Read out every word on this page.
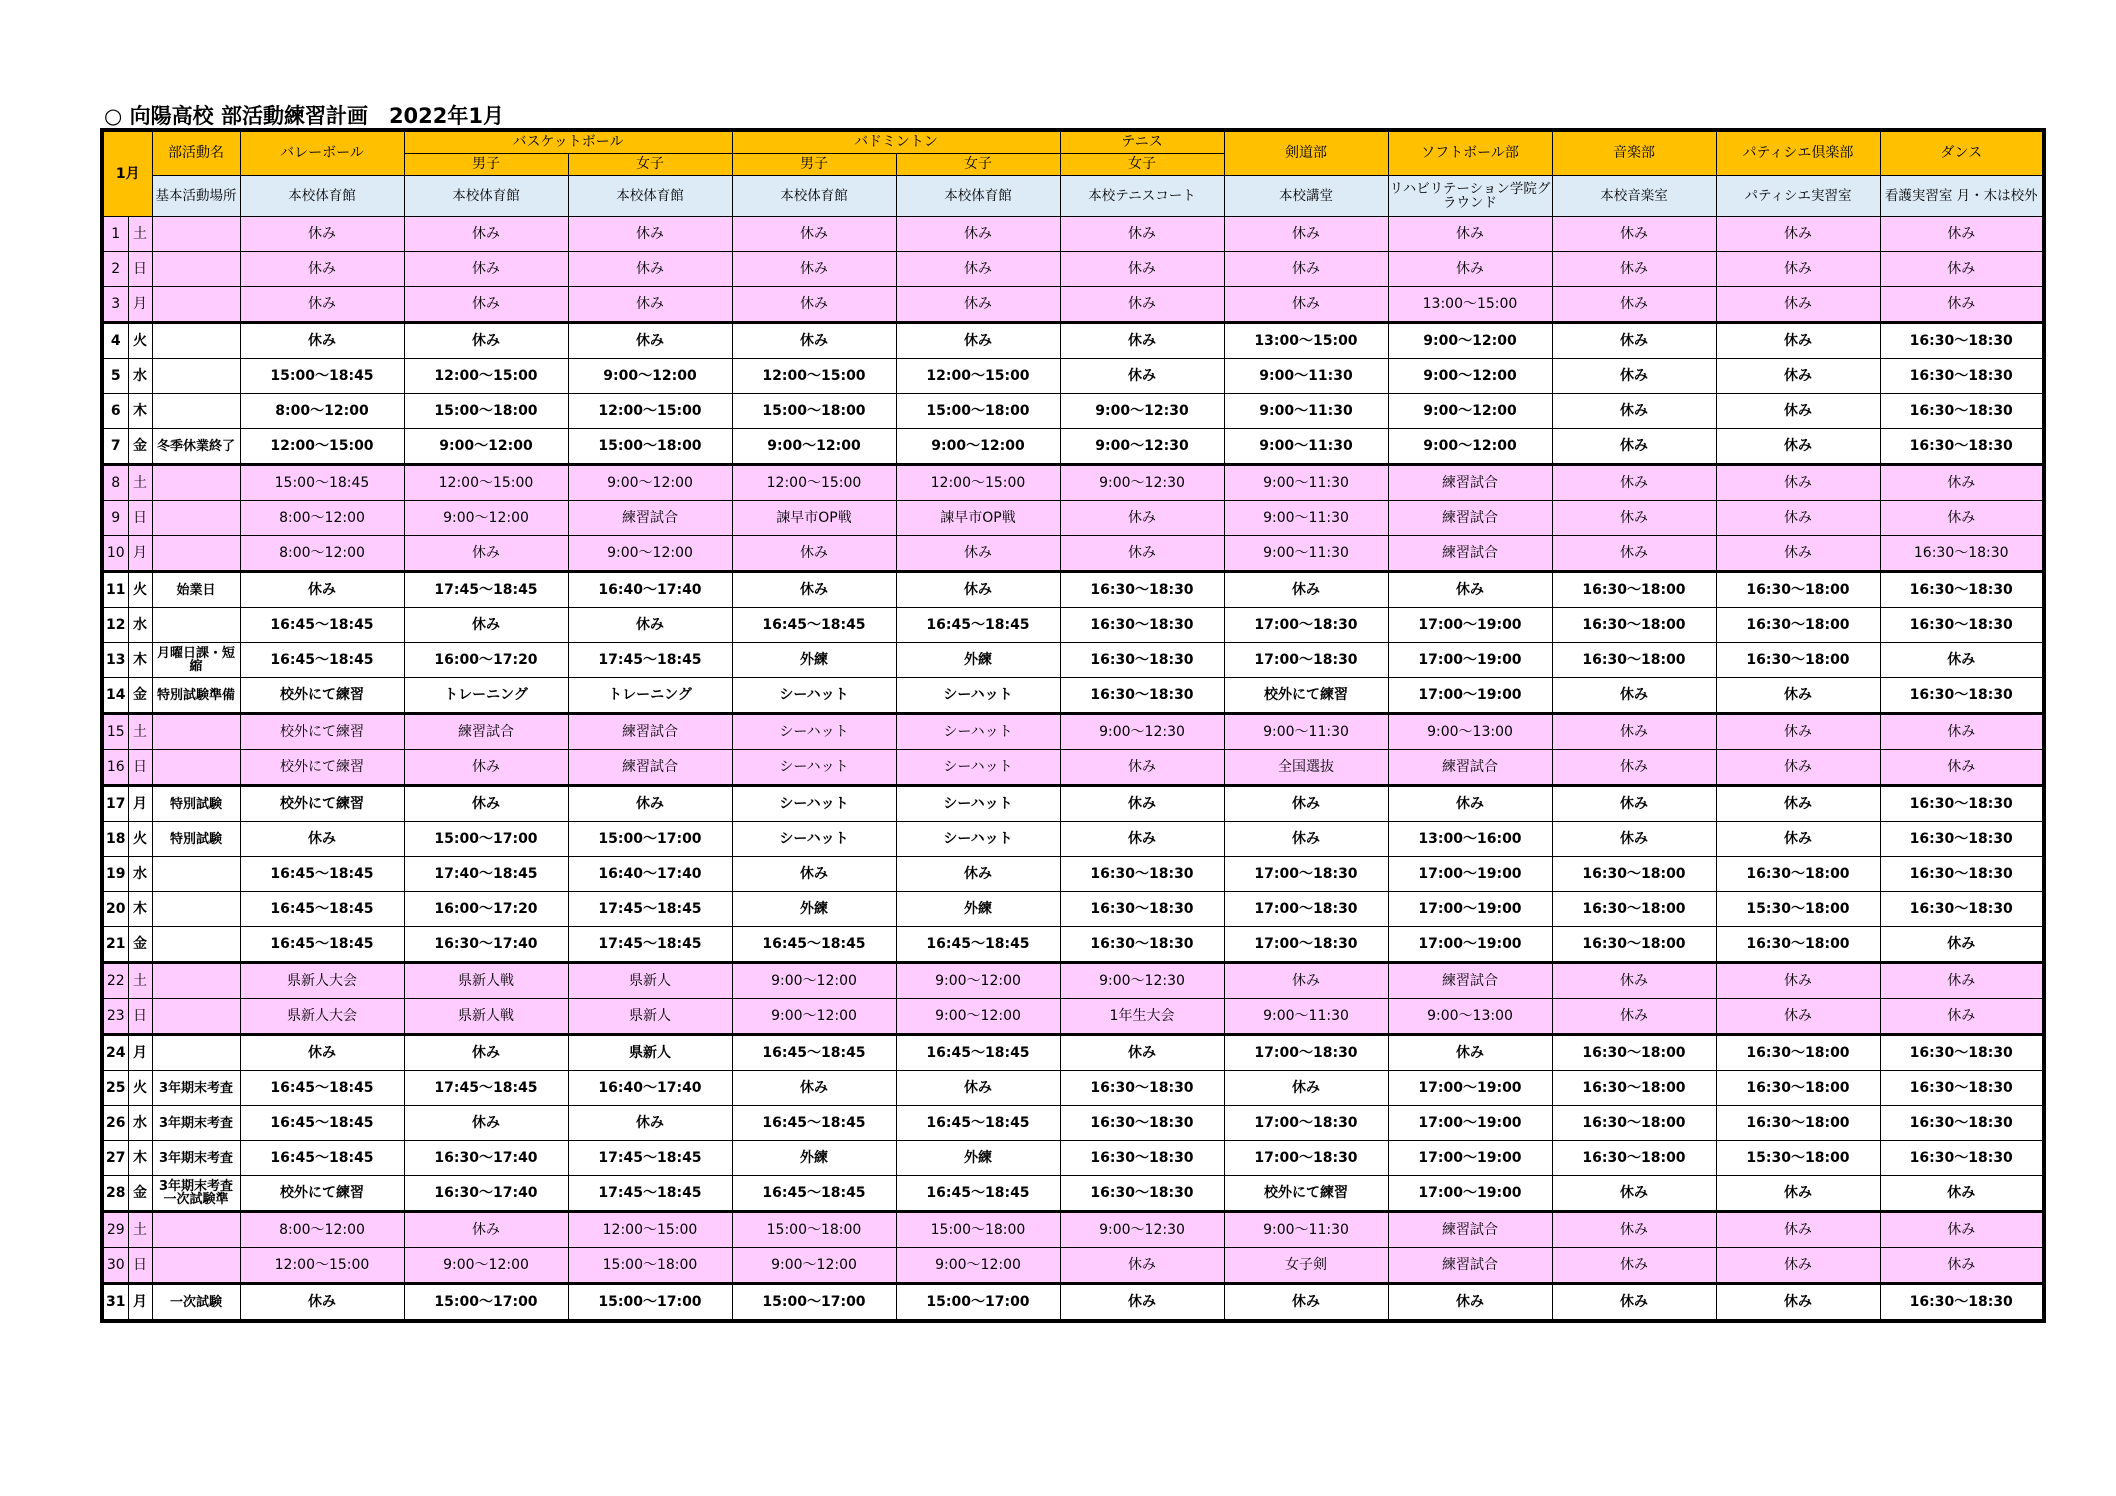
○ 向陽高校 部活動練習計画　2022年1月
1月		部活動名	バレーボール	バスケットボール		バドミントン		テニス	剣道部	ソフトボール部	音楽部	パティシエ倶楽部	ダンス
				男子	女子	男子	女子	女子					
		基本活動場所	本校体育館	本校体育館	本校体育館	本校体育館	本校体育館	本校テニスコート	本校講堂	リハビリテーション学院グラウンド	本校音楽室	パティシエ実習室	看護実習室 月・木は校外
1	土		休み	休み	休み	休み	休み	休み	休み	休み	休み	休み	休み
2	日		休み	休み	休み	休み	休み	休み	休み	休み	休み	休み	休み
3	月		休み	休み	休み	休み	休み	休み	休み	13:00～15:00	休み	休み	休み
4	火		休み	休み	休み	休み	休み	休み	13:00～15:00	9:00～12:00	休み	休み	16:30～18:30
5	水		15:00～18:45	12:00～15:00	9:00～12:00	12:00～15:00	12:00～15:00	休み	9:00～11:30	9:00～12:00	休み	休み	16:30～18:30
6	木		8:00～12:00	15:00～18:00	12:00～15:00	15:00～18:00	15:00～18:00	9:00～12:30	9:00～11:30	9:00～12:00	休み	休み	16:30～18:30
7	金	冬季休業終了	12:00～15:00	9:00～12:00	15:00～18:00	9:00～12:00	9:00～12:00	9:00～12:30	9:00～11:30	9:00～12:00	休み	休み	16:30～18:30
8	土		15:00～18:45	12:00～15:00	9:00～12:00	12:00～15:00	12:00～15:00	9:00～12:30	9:00～11:30	練習試合	休み	休み	休み
9	日		8:00～12:00	9:00～12:00	練習試合	諫早市OP戦	諫早市OP戦	休み	9:00～11:30	練習試合	休み	休み	休み
10	月		8:00～12:00	休み	9:00～12:00	休み	休み	休み	9:00～11:30	練習試合	休み	休み	16:30～18:30
11	火	始業日	休み	17:45～18:45	16:40～17:40	休み	休み	16:30～18:30	休み	休み	16:30～18:00	16:30～18:00	16:30～18:30
12	水		16:45～18:45	休み	休み	16:45～18:45	16:45～18:45	16:30～18:30	17:00～18:30	17:00～19:00	16:30～18:00	16:30～18:00	16:30～18:30
13	木	月曜日課・短縮	16:45～18:45	16:00～17:20	17:45～18:45	外練	外練	16:30～18:30	17:00～18:30	17:00～19:00	16:30～18:00	16:30～18:00	休み
14	金	特別試験準備	校外にて練習	トレーニング	トレーニング	シーハット	シーハット	16:30～18:30	校外にて練習	17:00～19:00	休み	休み	16:30～18:30
15	土		校外にて練習	練習試合	練習試合	シーハット	シーハット	9:00～12:30	9:00～11:30	9:00～13:00	休み	休み	休み
16	日		校外にて練習	休み	練習試合	シーハット	シーハット	休み	全国選抜	練習試合	休み	休み	休み
17	月	特別試験	校外にて練習	休み	休み	シーハット	シーハット	休み	休み	休み	休み	休み	16:30～18:30
18	火	特別試験	休み	15:00～17:00	15:00～17:00	シーハット	シーハット	休み	休み	13:00～16:00	休み	休み	16:30～18:30
19	水		16:45～18:45	17:40～18:45	16:40～17:40	休み	休み	16:30～18:30	17:00～18:30	17:00～19:00	16:30～18:00	16:30～18:00	16:30～18:30
20	木		16:45～18:45	16:00～17:20	17:45～18:45	外練	外練	16:30～18:30	17:00～18:30	17:00～19:00	16:30～18:00	15:30～18:00	16:30～18:30
21	金		16:45～18:45	16:30～17:40	17:45～18:45	16:45～18:45	16:45～18:45	16:30～18:30	17:00～18:30	17:00～19:00	16:30～18:00	16:30～18:00	休み
22	土		県新人大会	県新人戦	県新人	9:00～12:00	9:00～12:00	9:00～12:30	休み	練習試合	休み	休み	休み
23	日		県新人大会	県新人戦	県新人	9:00～12:00	9:00～12:00	1年生大会	9:00～11:30	9:00～13:00	休み	休み	休み
24	月		休み	休み	県新人	16:45～18:45	16:45～18:45	休み	17:00～18:30	休み	16:30～18:00	16:30～18:00	16:30～18:30
25	火	3年期末考査	16:45～18:45	17:45～18:45	16:40～17:40	休み	休み	16:30～18:30	休み	17:00～19:00	16:30～18:00	16:30～18:00	16:30～18:30
26	水	3年期末考査	16:45～18:45	休み	休み	16:45～18:45	16:45～18:45	16:30～18:30	17:00～18:30	17:00～19:00	16:30～18:00	16:30～18:00	16:30～18:30
27	木	3年期末考査	16:45～18:45	16:30～17:40	17:45～18:45	外練	外練	16:30～18:30	17:00～18:30	17:00～19:00	16:30～18:00	15:30～18:00	16:30～18:30
28	金	3年期末考査 一次試験準	校外にて練習	16:30～17:40	17:45～18:45	16:45～18:45	16:45～18:45	16:30～18:30	校外にて練習	17:00～19:00	休み	休み	休み
29	土		8:00～12:00	休み	12:00～15:00	15:00～18:00	15:00～18:00	9:00～12:30	9:00～11:30	練習試合	休み	休み	休み
30	日		12:00～15:00	9:00～12:00	15:00～18:00	9:00～12:00	9:00～12:00	休み	女子剣	練習試合	休み	休み	休み
31	月	一次試験	休み	15:00～17:00	15:00～17:00	15:00～17:00	15:00～17:00	休み	休み	休み	休み	休み	16:30～18:30
